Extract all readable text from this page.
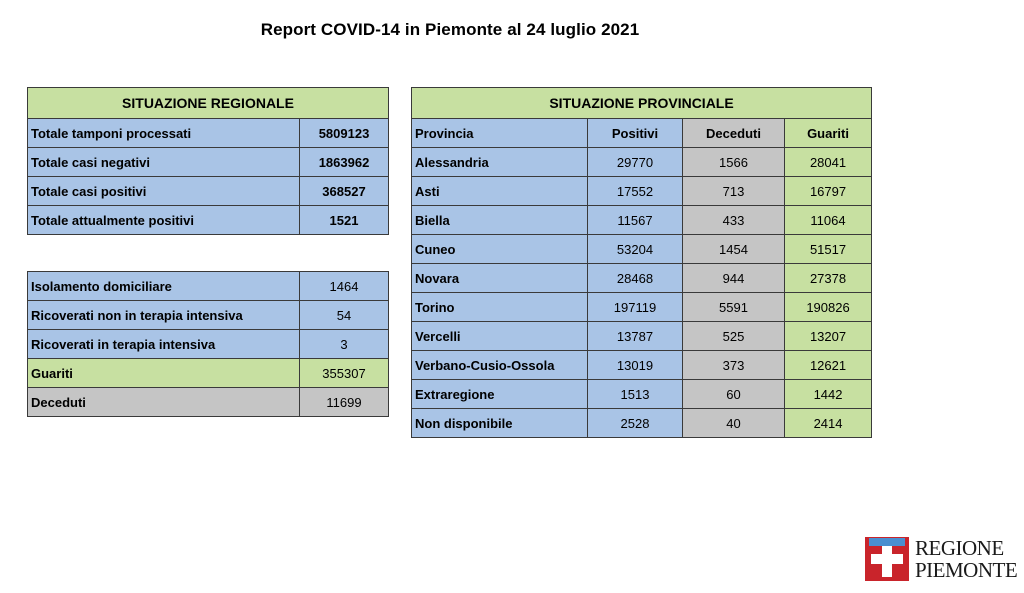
Report COVID-14 in Piemonte al 24 luglio 2021
SITUAZIONE REGIONALE	
Totale tamponi processati	5809123
Totale casi negativi	1863962
Totale casi positivi	368527
Totale attualmente positivi	1521
Isolamento domiciliare	1464
Ricoverati non in terapia intensiva	54
Ricoverati in terapia intensiva	3
Guariti	355307
Deceduti	11699
SITUAZIONE PROVINCIALE			
Provincia	Positivi	Deceduti	Guariti
Alessandria	29770	1566	28041
Asti	17552	713	16797
Biella	11567	433	11064
Cuneo	53204	1454	51517
Novara	28468	944	27378
Torino	197119	5591	190826
Vercelli	13787	525	13207
Verbano-Cusio-Ossola	13019	373	12621
Extraregione	1513	60	1442
Non disponibile	2528	40	2414
REGIONE
PIEMONTE
